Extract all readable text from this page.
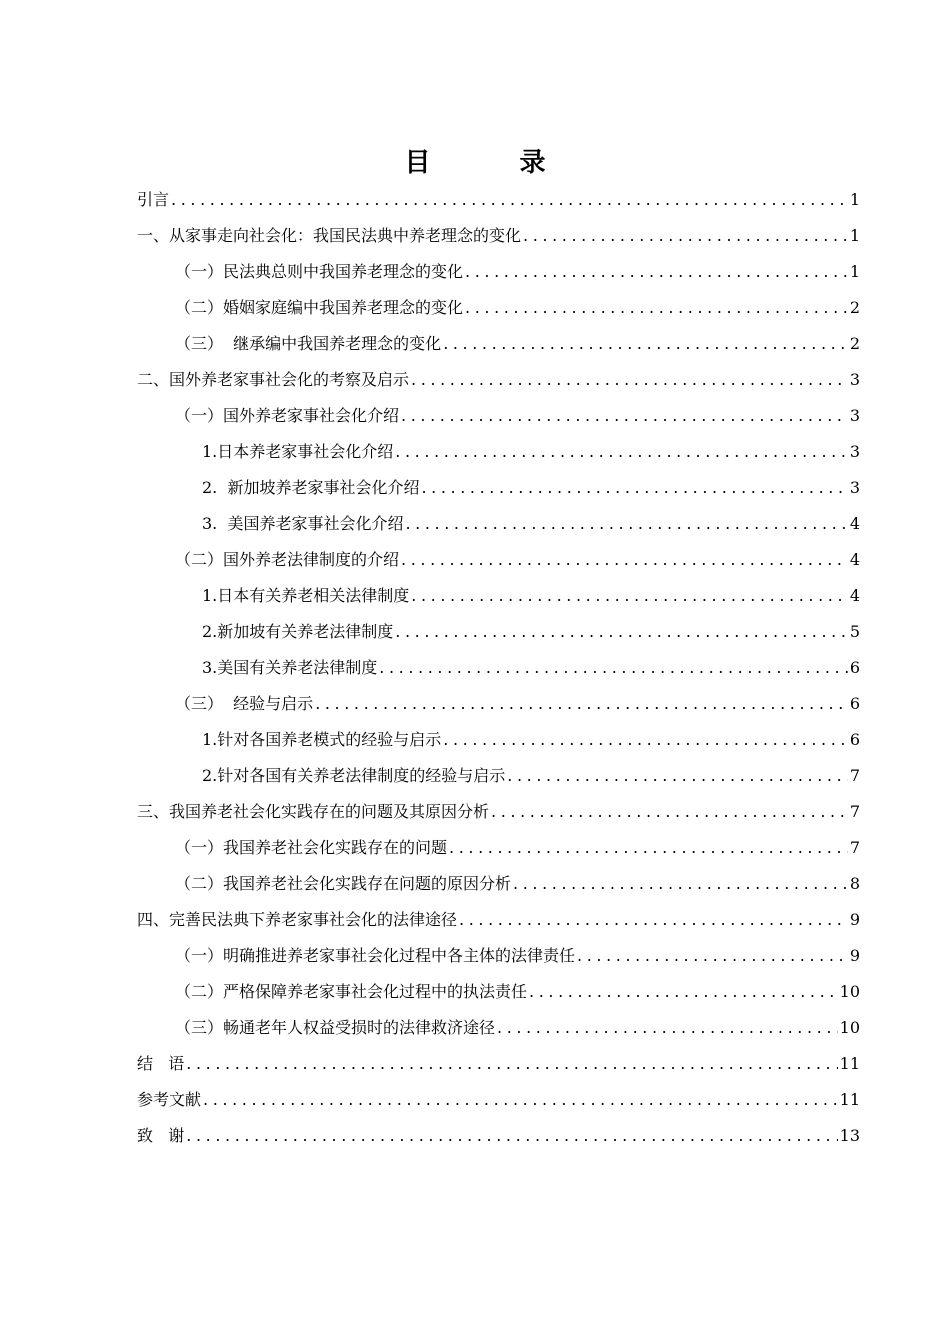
目 录
引言 .....	1
一、从家事走向社会化：我国民法典中养老理念的变化 .....	1
（一）民法典总则中我国养老理念的变化 .....	1
（二）婚姻家庭编中我国养老理念的变化 .....	2
（三）  继承编中我国养老理念的变化 .....	2
二、国外养老家事社会化的考察及启示 .....	3
（一）国外养老家事社会化介绍 .....	3
1.日本养老家事社会化介绍 .....	3
2.  新加坡养老家事社会化介绍 .....	3
3.  美国养老家事社会化介绍 .....	4
（二）国外养老法律制度的介绍 .....	4
1.日本有关养老相关法律制度 .....	4
2.新加坡有关养老法律制度 .....	5
3.美国有关养老法律制度 .....	6
（三）  经验与启示 .....	6
1.针对各国养老模式的经验与启示 .....	6
2.针对各国有关养老法律制度的经验与启示 .....	7
三、我国养老社会化实践存在的问题及其原因分析 .....	7
（一）我国养老社会化实践存在的问题 .....	7
（二）我国养老社会化实践存在问题的原因分析 .....	8
四、完善民法典下养老家事社会化的法律途径 .....	9
（一）明确推进养老家事社会化过程中各主体的法律责任 .....	9
（二）严格保障养老家事社会化过程中的执法责任 .....	10
（三）畅通老年人权益受损时的法律救济途径 .....	10
结   语 .....	11
参考文献 .....	11
致   谢 .....	13
